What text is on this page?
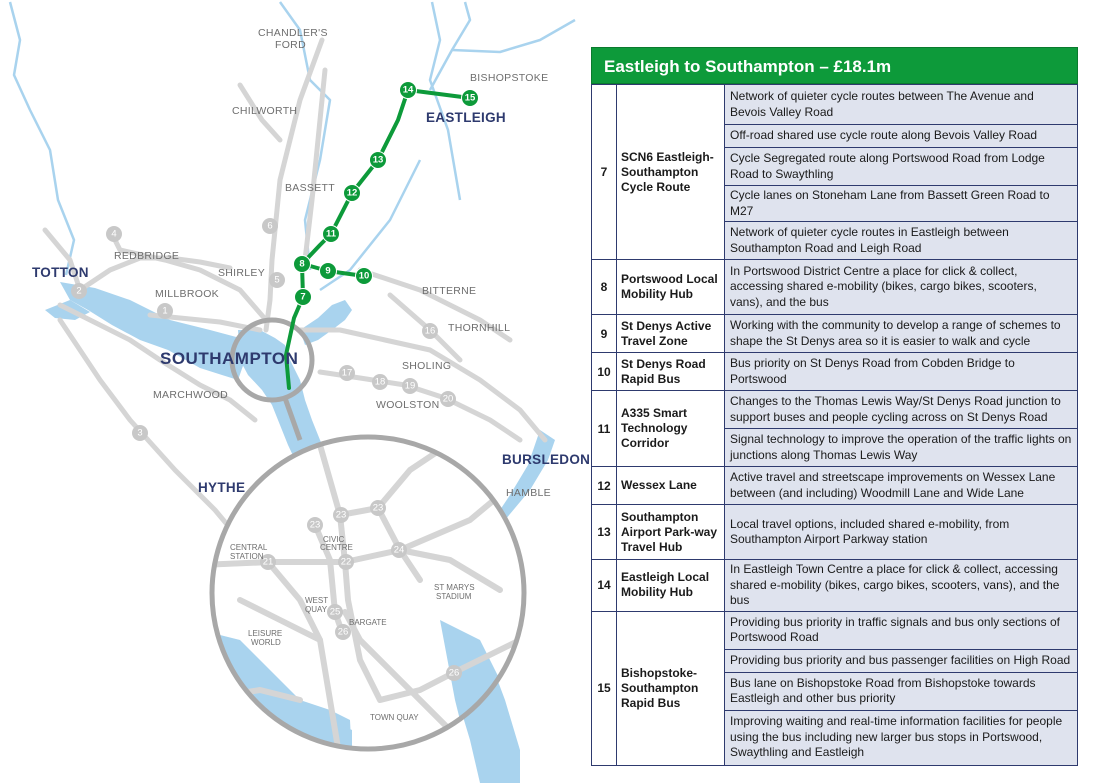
1
2
3
4
5
6
16
17
18 19
20
21	22
23
23
23
24
25
26
26
7
8
9	10
11
12
13
14
15
TOTTON
SOUTHAMPTON
EASTLEIGH
HYTHE
BURSLEDON
CHANDLER'S
FORD
BISHOPSTOKE
CHILWORTH
BASSETT
REDBRIDGE
SHIRLEY
MILLBROOK	BITTERNE
THORNHILL
SHOLING
WOOLSTON
MARCHWOOD
HAMBLE
CENTRAL
STATION
CIVIC
CENTRE
WEST
QUAY
BARGATE
ST MARYS
STADIUM
LEISURE
WORLD
TOWN QUAY
Eastleigh to Southampton – £18.1m
7	SCN6 Eastleigh-Southampton Cycle Route	Network of quieter cycle routes between The Avenue and Bevois Valley Road
		Off-road shared use cycle route along Bevois Valley Road
		Cycle Segregated route along Portswood Road from Lodge Road to Swaythling
		Cycle lanes on Stoneham Lane from Bassett Green Road to M27
		Network of quieter cycle routes in Eastleigh between Southampton Road and Leigh Road
8	Portswood Local Mobility Hub	In Portswood District Centre a place for click & collect, accessing shared e-mobility (bikes, cargo bikes, scooters, vans), and the bus
9	St Denys Active Travel Zone	Working with the community to develop a range of schemes to shape the St Denys area so it is easier to walk and cycle
10	St Denys Road Rapid Bus	Bus priority on St Denys Road from Cobden Bridge to Portswood
11	A335 Smart Technology Corridor	Changes to the Thomas Lewis Way/St Denys Road junction to support buses and people cycling across on St Denys Road
		Signal technology to improve the operation of the traffic lights on junctions along Thomas Lewis Way
12	Wessex Lane	Active travel and streetscape improvements on Wessex Lane between (and including) Woodmill Lane and Wide Lane
13	Southampton Airport Park-way Travel Hub	Local travel options, included shared e-mobility, from Southampton Airport Parkway station
14	Eastleigh Local Mobility Hub	In Eastleigh Town Centre a place for click & collect, accessing shared e-mobility (bikes, cargo bikes, scooters, vans), and the bus
15	Bishopstoke-Southampton Rapid Bus	Providing bus priority in traffic signals and bus only sections of Portswood Road
		Providing bus priority and bus passenger facilities on High Road
		Bus lane on Bishopstoke Road from Bishopstoke towards Eastleigh and other bus priority
		Improving waiting and real-time information facilities for people using the bus including new larger bus stops in Portswood, Swaythling and Eastleigh
